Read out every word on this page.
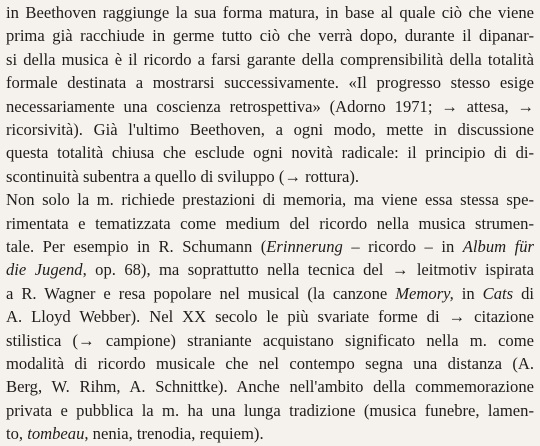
in Beethoven raggiunge la sua forma matura, in base al quale ciò che viene
prima già racchiude in germe tutto ciò che verrà dopo, durante il dipanar-
si della musica è il ricordo a farsi garante della comprensibilità della totalità
formale destinata a mostrarsi successivamente. «Il progresso stesso esige
necessariamente una coscienza retrospettiva» (Adorno 1971; → attesa, →
ricorsività). Già l'ultimo Beethoven, a ogni modo, mette in discussione
questa totalità chiusa che esclude ogni novità radicale: il principio di di-
scontinuità subentra a quello di sviluppo (→ rottura).
Non solo la m. richiede prestazioni di memoria, ma viene essa stessa spe-
rimentata e tematizzata come medium del ricordo nella musica strumen-
tale. Per esempio in R. Schumann (Erinnerung – ricordo – in Album für
die Jugend, op. 68), ma soprattutto nella tecnica del → leitmotiv ispirata
a R. Wagner e resa popolare nel musical (la canzone Memory, in Cats di
A. Lloyd Webber). Nel XX secolo le più svariate forme di → citazione
stilistica (→ campione) straniante acquistano significato nella m. come
modalità di ricordo musicale che nel contempo segna una distanza (A.
Berg, W. Rihm, A. Schnittke). Anche nell'ambito della commemorazione
privata e pubblica la m. ha una lunga tradizione (musica funebre, lamen-
to, tombeau, nenia, trenodia, requiem).
